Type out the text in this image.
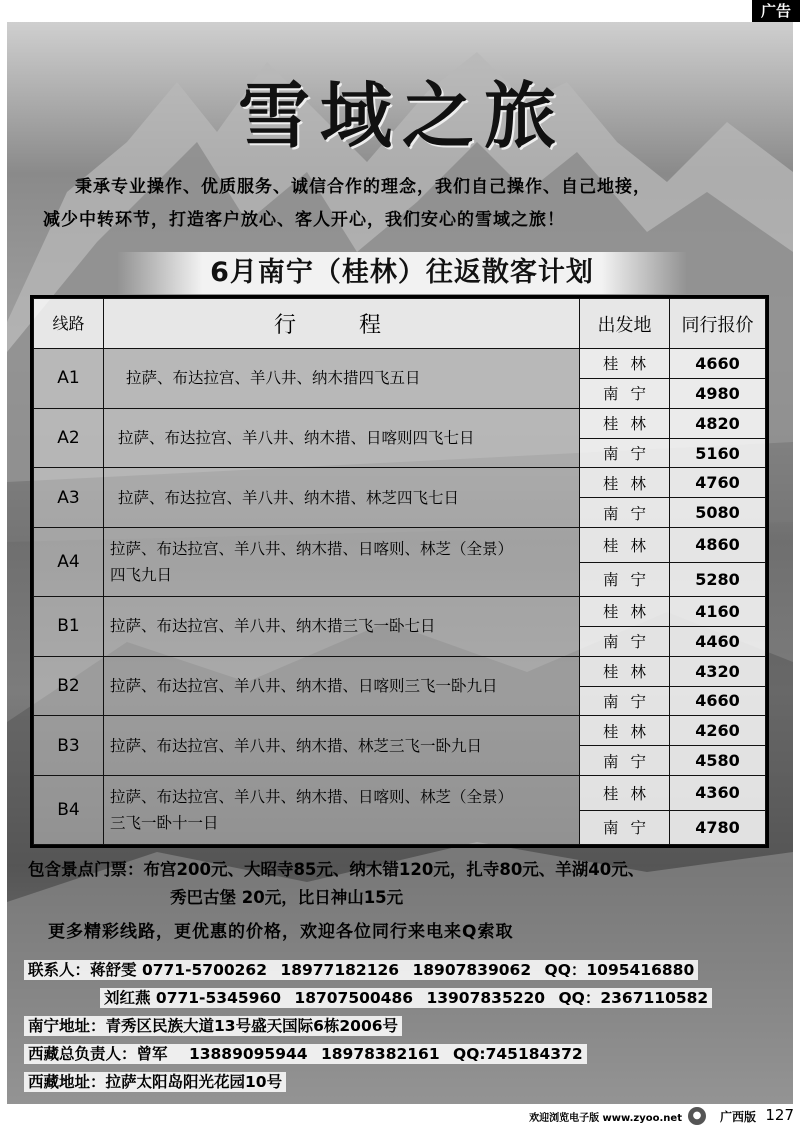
广告
雪域之旅
秉承专业操作、优质服务、诚信合作的理念，我们自己操作、自己地接，
减少中转环节，打造客户放心、客人开心，我们安心的雪域之旅！
6月南宁（桂林）往返散客计划
线路	行 程	出发地	同行报价
A1	拉萨、布达拉宫、羊八井、纳木措四飞五日	桂林	4660
		南宁	4980
A2	拉萨、布达拉宫、羊八井、纳木措、日喀则四飞七日	桂林	4820
		南宁	5160
A3	拉萨、布达拉宫、羊八井、纳木措、林芝四飞七日	桂林	4760
		南宁	5080
A4	拉萨、布达拉宫、羊八井、纳木措、日喀则、林芝（全景）四飞九日	桂林	4860
		南宁	5280
B1	拉萨、布达拉宫、羊八井、纳木措三飞一卧七日	桂林	4160
		南宁	4460
B2	拉萨、布达拉宫、羊八井、纳木措、日喀则三飞一卧九日	桂林	4320
		南宁	4660
B3	拉萨、布达拉宫、羊八井、纳木措、林芝三飞一卧九日	桂林	4260
		南宁	4580
B4	拉萨、布达拉宫、羊八井、纳木措、日喀则、林芝（全景）三飞一卧十一日	桂林	4360
		南宁	4780
包含景点门票：布宫200元、大昭寺85元、纳木错120元，扎寺80元、羊湖40元、
秀巴古堡 20元，比日神山15元
更多精彩线路，更优惠的价格，欢迎各位同行来电来Q索取
联系人：蒋舒雯 0771-5700262 18977182126 18907839062 QQ：1095416880
刘红燕 0771-5345960 18707500486 13907835220 QQ：2367110582
南宁地址：青秀区民族大道13号盛天国际6栋2006号
西藏总负责人：曾军 13889095944 18978382161 QQ:745184372
西藏地址：拉萨太阳岛阳光花园10号
欢迎浏览电子版 www.zyoo.net	●	广西版 127
